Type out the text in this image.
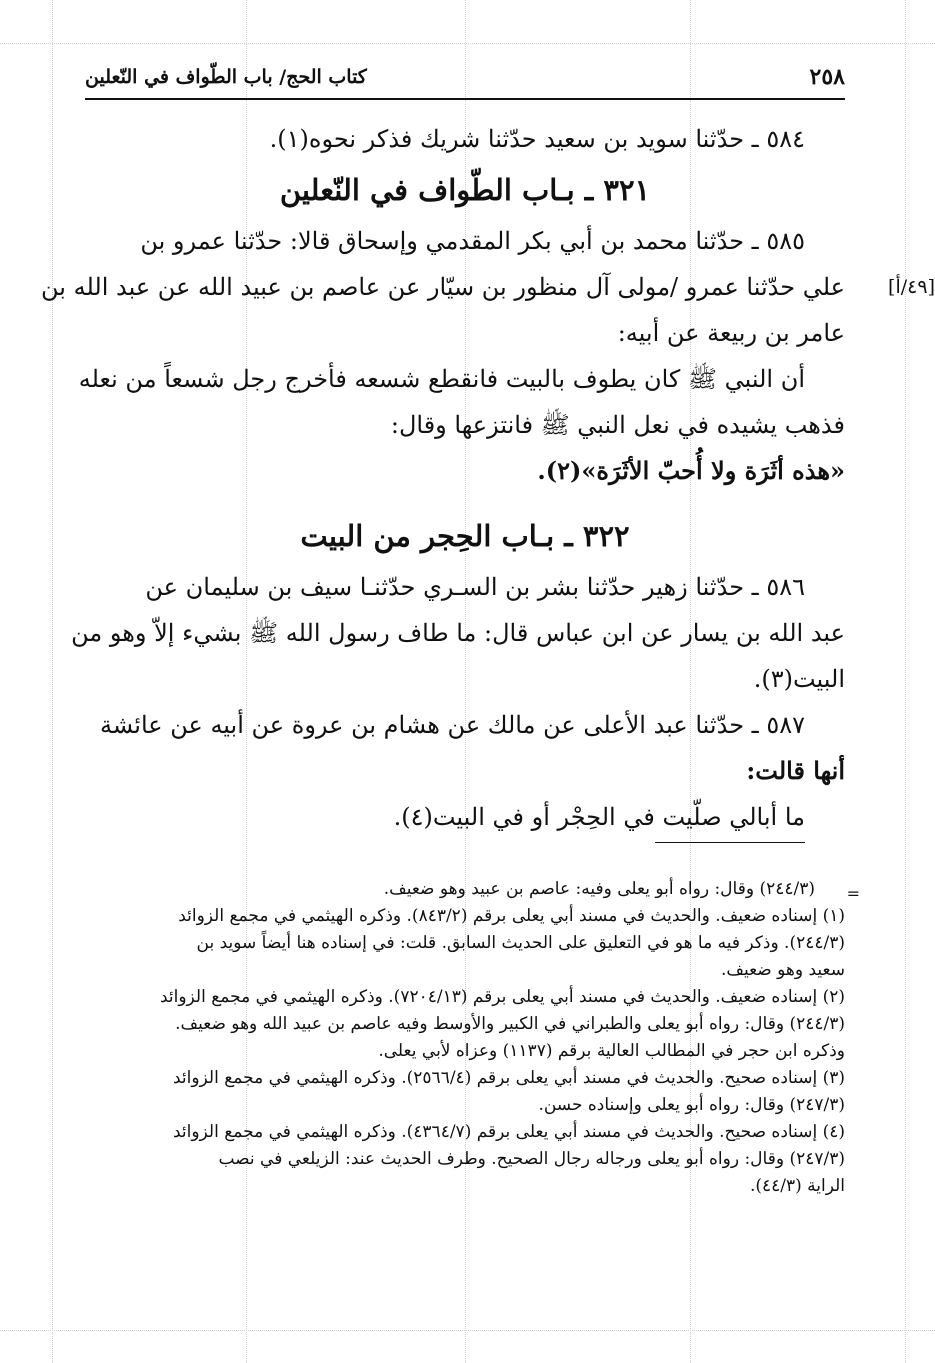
٢٥٨
كتاب الحج/ باب الطّواف في النّعلين
٥٨٤ ـ حدّثنا سويد بن سعيد حدّثنا شريك فذكر نحوه(١).
٣٢١ ـ بـاب الطّواف في النّعلين
٥٨٥ ـ حدّثنا محمد بن أبي بكر المقدمي وإسحاق قالا: حدّثنا عمرو بن
علي حدّثنا عمرو /مولى آل منظور بن سيّار عن عاصم بن عبيد الله عن عبد الله بن [٤٩/أ]
عامر بن ربيعة عن أبيه:
أن النبي ﷺ كان يطوف بالبيت فانقطع شسعه فأخرج رجل شسعاً من نعله
فذهب يشيده في نعل النبي ﷺ فانتزعها وقال:
«هذه أثَرَة ولا أُحبّ الأثَرَة»(٢).
٣٢٢ ـ بـاب الحِجر من البيت
٥٨٦ ـ حدّثنا زهير حدّثنا بشر بن السـري حدّثنـا سيف بن سليمان عن
عبد الله بن يسار عن ابن عباس قال: ما طاف رسول الله ﷺ بشيء إلاّ وهو من
البيت(٣).
٥٨٧ ـ حدّثنا عبد الأعلى عن مالك عن هشام بن عروة عن أبيه عن عائشة
أنها قالت:
ما أبالي صلّيت في الحِجْر أو في البيت(٤).
(٢٤٤/٣) وقال: رواه أبو يعلى وفيه: عاصم بن عبيد وهو ضعيف. =
(١) إسناده ضعيف. والحديث في مسند أبي يعلى برقم (٨٤٣/٢). وذكره الهيثمي في مجمع الزوائد
(٢٤٤/٣). وذكر فيه ما هو في التعليق على الحديث السابق. قلت: في إسناده هنا أيضاً سويد بن
سعيد وهو ضعيف.
(٢) إسناده ضعيف. والحديث في مسند أبي يعلى برقم (٧٢٠٤/١٣). وذكره الهيثمي في مجمع الزوائد
(٢٤٤/٣) وقال: رواه أبو يعلى والطبراني في الكبير والأوسط وفيه عاصم بن عبيد الله وهو ضعيف.
وذكره ابن حجر في المطالب العالية برقم (١١٣٧) وعزاه لأبي يعلى.
(٣) إسناده صحيح. والحديث في مسند أبي يعلى برقم (٢٥٦٦/٤). وذكره الهيثمي في مجمع الزوائد
(٢٤٧/٣) وقال: رواه أبو يعلى وإسناده حسن.
(٤) إسناده صحيح. والحديث في مسند أبي يعلى برقم (٤٣٦٤/٧). وذكره الهيثمي في مجمع الزوائد
(٢٤٧/٣) وقال: رواه أبو يعلى ورجاله رجال الصحيح. وطرف الحديث عند: الزيلعي في نصب
الراية (٤٤/٣).
